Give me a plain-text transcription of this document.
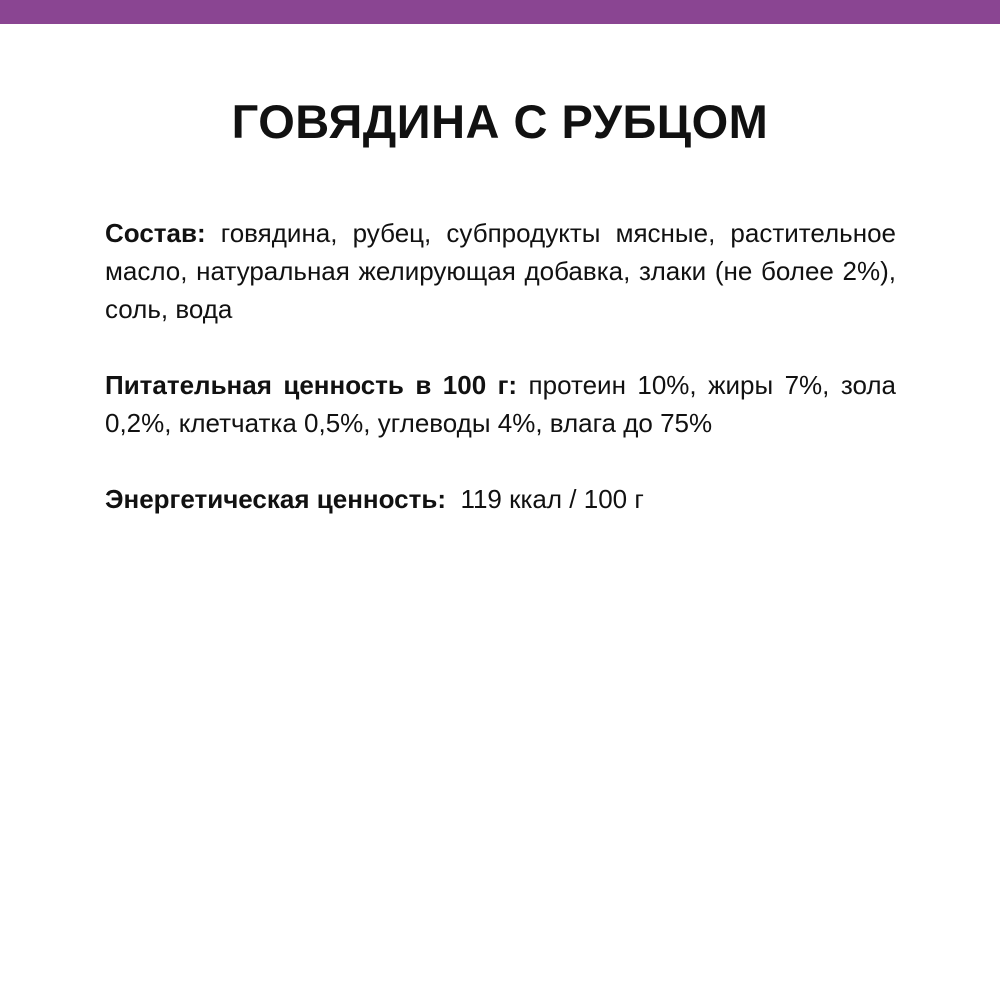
ГОВЯДИНА С РУБЦОМ

Состав: говядина, рубец, субпродукты мясные, растительное масло, натуральная желирующая добавка, злаки (не более 2%), соль, вода

Питательная ценность в 100 г: протеин 10%, жиры 7%, зола 0,2%, клетчатка 0,5%, углеводы 4%, влага до 75%

Энергетическая ценность: 119 ккал / 100 г
